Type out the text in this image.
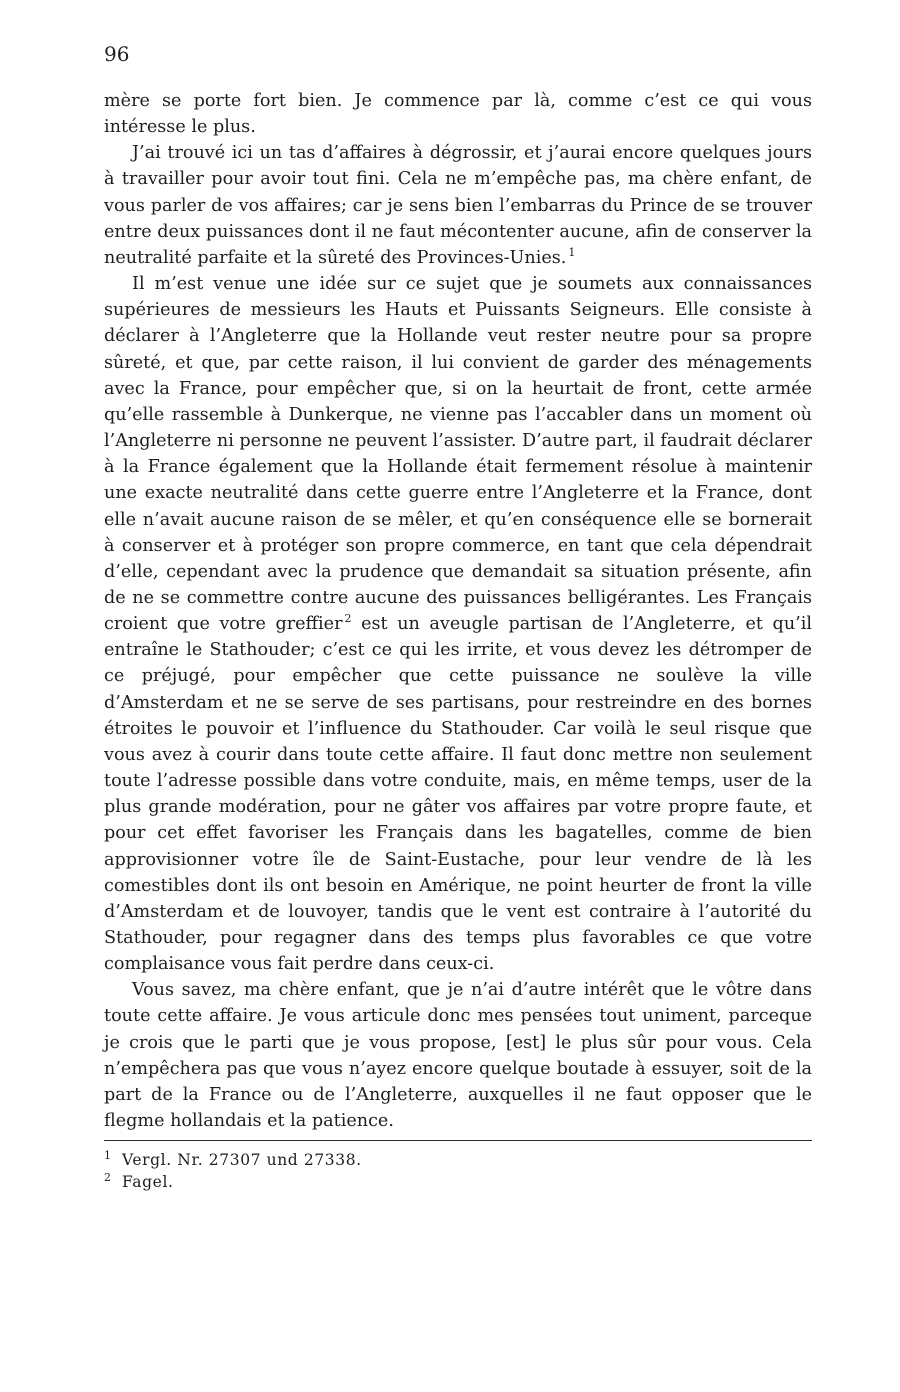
96

mère se porte fort bien. Je commence par là, comme c’est ce qui vous intéresse le plus.

J’ai trouvé ici un tas d’affaires à dégrossir, et j’aurai encore quelques jours à travailler pour avoir tout fini. Cela ne m’empêche pas, ma chère enfant, de vous parler de vos affaires; car je sens bien l’embarras du Prince de se trouver entre deux puissances dont il ne faut mécontenter aucune, afin de conserver la neutralité parfaite et la sûreté des Provinces-Unies. $^1$

Il m’est venue une idée sur ce sujet que je soumets aux connaissances supérieures de messieurs les Hauts et Puissants Seigneurs. Elle consiste à déclarer à l’Angleterre que la Hollande veut rester neutre pour sa propre sûreté, et que, par cette raison, il lui convient de garder des ménagements avec la France, pour empêcher que, si on la heurtait de front, cette armée qu’elle rassemble à Dunkerque, ne vienne pas l’accabler dans un moment où l’Angleterre ni personne ne peuvent l’assister. D’autre part, il faudrait déclarer à la France également que la Hollande était fermement résolue à maintenir une exacte neutralité dans cette guerre entre l’Angleterre et la France, dont elle n’avait aucune raison de se mêler, et qu’en conséquence elle se bornerait à conserver et à protéger son propre commerce, en tant que cela dépendrait d’elle, cependant avec la prudence que demandait sa situation présente, afin de ne se commettre contre aucune des puissances belligérantes. Les Français croient que votre greffier $^2$ est un aveugle partisan de l’Angleterre, et qu’il entraîne le Stathouder; c’est ce qui les irrite, et vous devez les détromper de ce préjugé, pour empêcher que cette puissance ne soulève la ville d’Amsterdam et ne se serve de ses partisans, pour restreindre en des bornes étroites le pouvoir et l’influence du Stathouder. Car voilà le seul risque que vous avez à courir dans toute cette affaire. Il faut donc mettre non seulement toute l’adresse possible dans votre conduite, mais, en même temps, user de la plus grande modération, pour ne gâter vos affaires par votre propre faute, et pour cet effet favoriser les Français dans les bagatelles, comme de bien approvisionner votre île de Saint-Eustache, pour leur vendre de là les comestibles dont ils ont besoin en Amérique, ne point heurter de front la ville d’Amsterdam et de louvoyer, tandis que le vent est contraire à l’autorité du Stathouder, pour regagner dans des temps plus favorables ce que votre complaisance vous fait perdre dans ceux-ci.

Vous savez, ma chère enfant, que je n’ai d’autre intérêt que le vôtre dans toute cette affaire. Je vous articule donc mes pensées tout uniment, parceque je crois que le parti que je vous propose, [est] le plus sûr pour vous. Cela n’empêchera pas que vous n’ayez encore quelque boutade à essuyer, soit de la part de la France ou de l’Angleterre, auxquelles il ne faut opposer que le flegme hollandais et la patience.

1 Vergl. Nr. 27307 und 27338.
2 Fagel.
